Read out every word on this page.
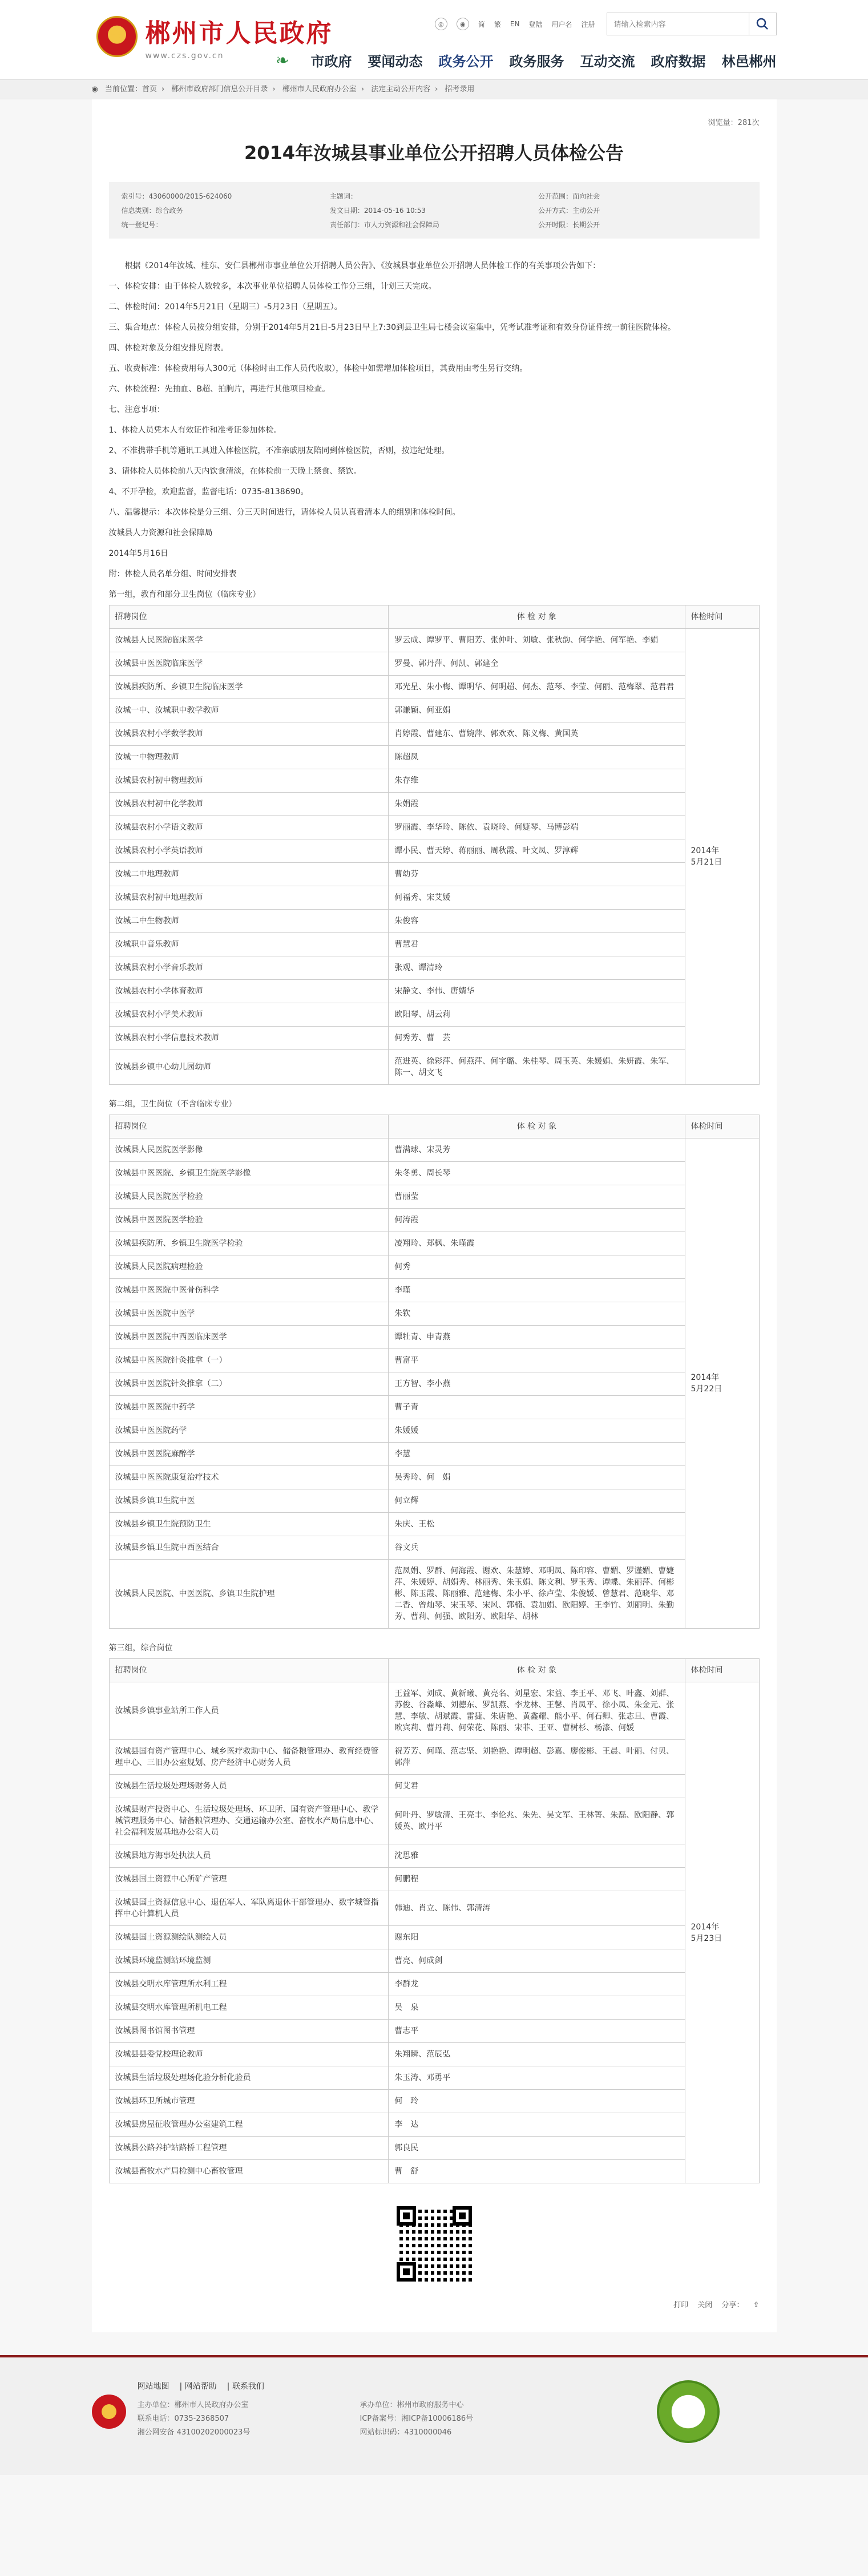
★ 郴州市人民政府
www.czs.gov.cn
◎	◉	简 繁 EN 登陆 用户名 注册
请输入检索内容
❧ 市政府 要闻动态 政务公开 政务服务 互动交流 政府数据 林邑郴州
◉ 当前位置：首页 › 郴州市政府部门信息公开目录 › 郴州市人民政府办公室 › 法定主动公开内容 › 招考录用
浏览量：281次
2014年汝城县事业单位公开招聘人员体检公告
索引号：43060000/2015-624060	主题词：	公开范围：面向社会
信息类别：综合政务	发文日期：2014-05-16 10:53	公开方式：主动公开
统一登记号：	责任部门：市人力资源和社会保障局	公开时限：长期公开

根据《2014年汝城、桂东、安仁县郴州市事业单位公开招聘人员公告》、《汝城县事业单位公开招聘人员体检工作的有关事项公告如下：

一、体检安排：由于体检人数较多，本次事业单位招聘人员体检工作分三组，计划三天完成。

二、体检时间：2014年5月21日（星期三）-5月23日（星期五）。

三、集合地点：体检人员按分组安排，分别于2014年5月21日-5月23日早上7:30到县卫生局七楼会议室集中，凭考试准考证和有效身份证件统一前往医院体检。

四、体检对象及分组安排见附表。

五、收费标准：体检费用每人300元（体检时由工作人员代收取），体检中如需增加体检项目，其费用由考生另行交纳。

六、体检流程：先抽血、B超、拍胸片，再进行其他项目检查。

七、注意事项：

1、体检人员凭本人有效证件和准考证参加体检。

2、不准携带手机等通讯工具进入体检医院，不准亲戚朋友陪同到体检医院，否则，按违纪处理。

3、请体检人员体检前八天内饮食清淡，在体检前一天晚上禁食、禁饮。

4、不开孕检，欢迎监督，监督电话：0735-8138690。

八、温馨提示：本次体检是分三组、分三天时间进行，请体检人员认真看清本人的组别和体检时间。

汝城县人力资源和社会保障局

2014年5月16日

附：体检人员名单分组、时间安排表

第一组，教育和部分卫生岗位（临床专业）

招聘岗位	体 检 对 象	体检时间
汝城县人民医院临床医学	罗云成、谭罗平、曹阳芳、张仲叶、刘敏、张秋韵、何学艳、何军艳、李娟	2014年
5月21日
汝城县中医医院临床医学	罗曼、郭丹萍、何凯、郭建全	
汝城县疾防所、乡镇卫生院临床医学	邓光星、朱小梅、谭明华、何明超、何杰、范琴、李莹、何丽、范梅翠、范君君	
汝城一中、汝城职中教学教师	郭谦颖、何亚娟	
汝城县农村小学数学教师	肖婷霞、曹建东、曹婉萍、郭欢欢、陈义梅、黄国英	
汝城一中物理教师	陈超凤	
汝城县农村初中物理教师	朱存维	
汝城县农村初中化学教师	朱娟霞	
汝城县农村小学语文教师	罗丽霞、李华玲、陈依、袁晓玲、何婕琴、马博彭端	
汝城县农村小学英语教师	谭小民、曹天婷、蒋丽丽、周秋霞、叶文凤、罗淳辉	
汝城二中地理教师	曹幼芬	
汝城县农村初中地理教师	何福秀、宋艾媛	
汝城二中生物教师	朱俊容	
汝城职中音乐教师	曹慧君	
汝城县农村小学音乐教师	张观、谭清玲	
汝城县农村小学体育教师	宋静文、李伟、唐婧华	
汝城县农村小学美术教师	欧阳琴、胡云莉	
汝城县农村小学信息技术教师	何秀芳、曹　芸	
汝城县乡镇中心幼儿园幼师	范进英、徐彩萍、何燕萍、何宇璐、朱桂琴、周玉英、朱媛娟、朱妍霞、朱军、陈一、胡文飞	

第二组，卫生岗位（不含临床专业）

招聘岗位	体 检 对 象	体检时间
汝城县人民医院医学影像	曹满球、宋灵芳	2014年
5月22日
汝城县中医医院、乡镇卫生院医学影像	朱冬勇、周长琴	
汝城县人民医院医学检验	曹丽莹	
汝城县中医医院医学检验	何涛霞	
汝城县疾防所、乡镇卫生院医学检验	凌翔玲、郑枫、朱瑾霞	
汝城县人民医院病理检验	何秀	
汝城县中医医院中医骨伤科学	李瑾	
汝城县中医医院中医学	朱钦	
汝城县中医医院中西医临床医学	谭牡青、申青燕	
汝城县中医医院针灸推拿（一）	曹富平	
汝城县中医医院针灸推拿（二）	王方智、李小燕	
汝城县中医医院中药学	曹子青	
汝城县中医医院药学	朱媛媛	
汝城县中医医院麻醉学	李慧	
汝城县中医医院康复治疗技术	吴秀玲、何　娟	
汝城县乡镇卫生院中医	何立辉	
汝城县乡镇卫生院预防卫生	朱庆、王松	
汝城县乡镇卫生院中西医结合	谷文兵	
汝城县人民医院、中医医院、乡镇卫生院护理	范凤娟、罗群、何海霞、谢欢、朱慧婷、邓明凤、陈印容、曹媚、罗谨媚、曹婕萍、朱媛婷、胡娟秀、林丽秀、朱玉娟、陈文利、罗玉秀、谭蝶、朱丽萍、何彬彬、陈玉霞、陈丽雅、范建梅、朱小平、徐卢莹、朱俊媛、曾慧君、范晓华、邓二香、曾灿琴、宋玉琴、宋风、郭楠、袁加娟、欧阳婷、王李竹、刘丽明、朱勤芳、曹莉、何强、欧阳芳、欧阳华、胡林	

第三组，综合岗位

招聘岗位	体 检 对 象	体检时间
汝城县乡镇事业站所工作人员	王益军、刘成、黄新曦、黄亮名、刘星宏、宋益、李王平、邓飞、叶鑫、刘群、苏俊、谷淼峰、刘德东、罗凯燕、李龙林、王馨、肖凤平、徐小凤、朱金元、张慧、李敏、胡斌霞、雷捷、朱唐艳、黄鑫耀、熊小平、何石卿、张志旦、曹霞、欧宾莉、曹丹莉、何荣花、陈丽、宋菲、王亚、曹树杉、杨漆、何媛	2014年
5月23日
汝城县国有资产管理中心、城乡医疗救助中心、储备粮管理办、教育经费管理中心、三旧办公室规划、房产经济中心财务人员	祝芳芳、何瑾、范志坚、刘艳艳、谭明超、彭嘉、廖俊彬、王晨、叶丽、付贝、郭萍	
汝城县生活垃圾处理场财务人员	何艾君	
汝城县财产投资中心、生活垃圾处理场、环卫所、国有资产管理中心、教学城管理服务中心、储备粮管理办、交通运输办公室、畜牧水产局信息中心、社会福利发展基地办公室人员	何叶丹、罗敏清、王亮丰、李伦兆、朱先、吴文军、王林箐、朱磊、欧阳静、郭媛英、欧丹平	
汝城县地方海事处执法人员	沈思雅	
汝城县国土资源中心所矿产管理	何鹏程	
汝城县国土资源信息中心、退伍军人、军队离退休干部管理办、数字城管指挥中心计算机人员	韩迪、肖立、陈伟、郭清涛	
汝城县国土资源测绘队测绘人员	谢东阳	
汝城县环境监测站环境监测	曹亮、何成剑	
汝城县交明水库管理所水利工程	李群龙	
汝城县交明水库管理所机电工程	吴　泉	
汝城县图书馆图书管理	曹志平	
汝城县县委党校理论教师	朱翔瞬、范辰弘	
汝城县生活垃圾处理场化验分析化验员	朱玉涛、邓勇平	
汝城县环卫所城市管理	何　玲	
汝城县房屋征收管理办公室建筑工程	李　达	
汝城县公路养护站路桥工程管理	郭良民	
汝城县畜牧水产局检测中心畜牧管理	曹　舒	
打印 关闭 分享： ⇪
网站地图 | 网站帮助 | 联系我们
主办单位：郴州市人民政府办公室
联系电话：0735-2368507
湘公网安备 43100202000023号
承办单位：郴州市政府服务中心
ICP备案号：湘ICP备10006186号
网站标识码：4310000046
